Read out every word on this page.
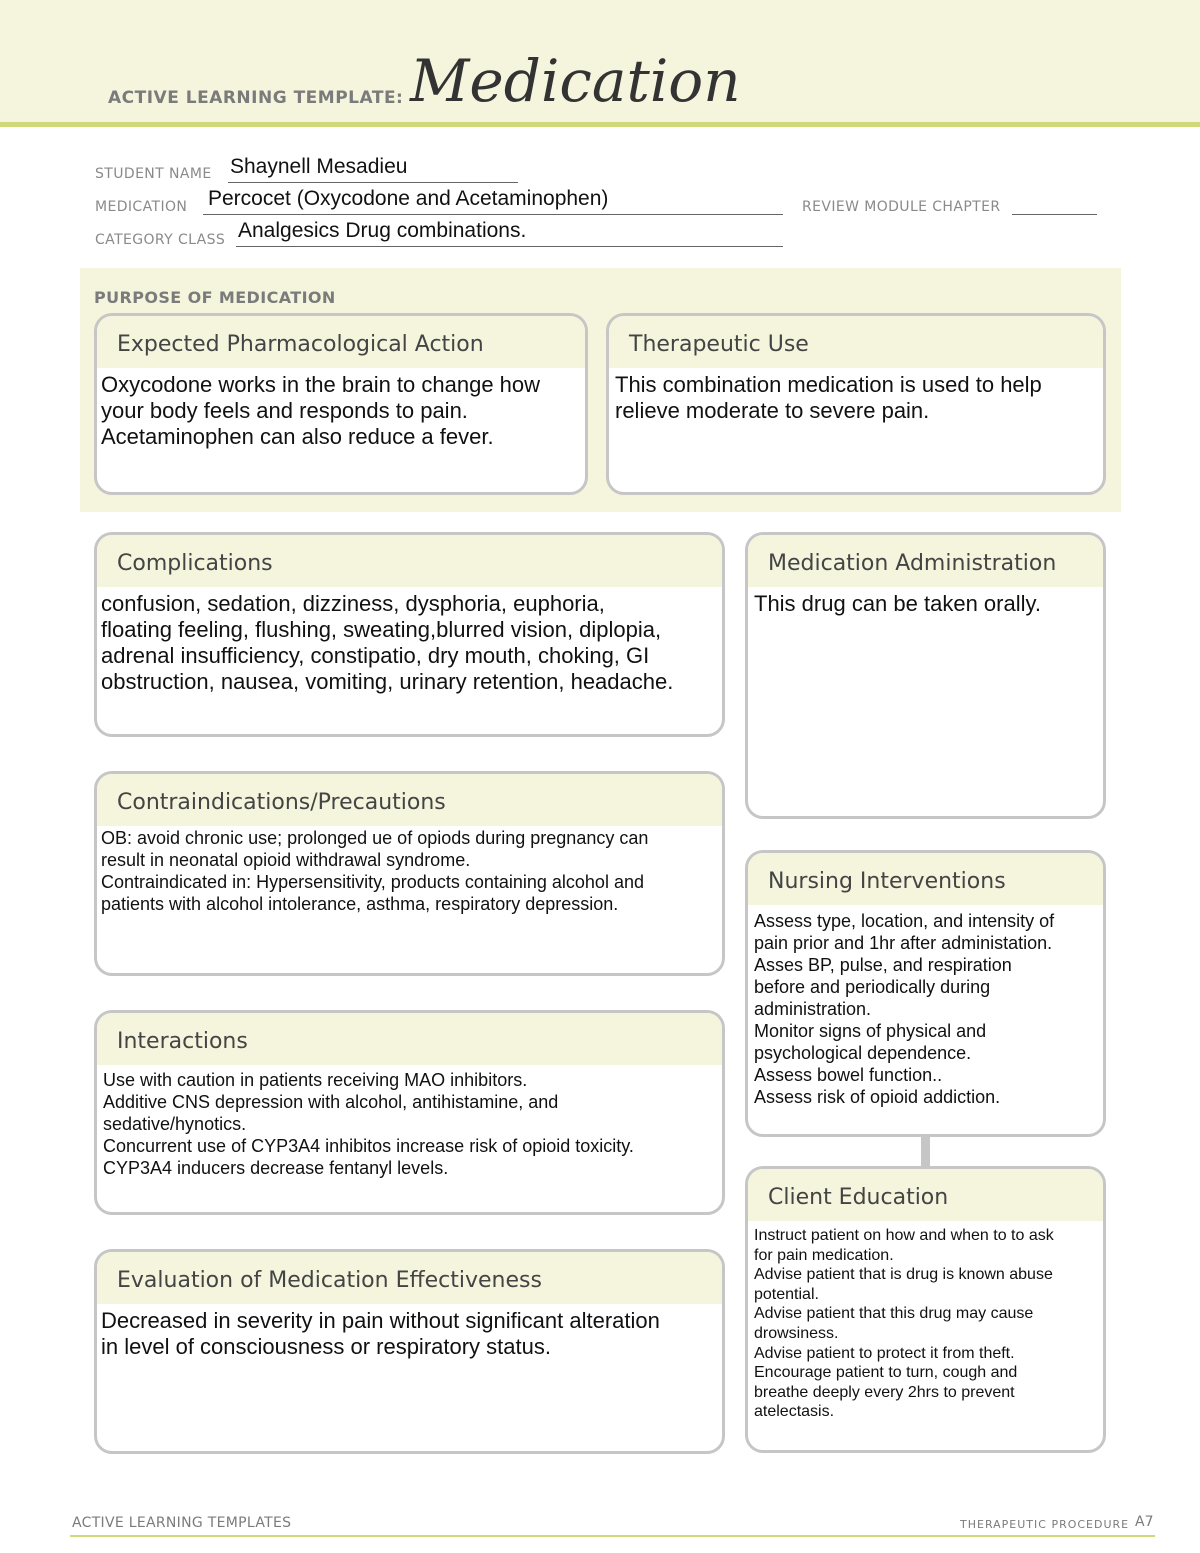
ACTIVE LEARNING TEMPLATE: Medication
STUDENT NAME Shaynell Mesadieu
MEDICATION Percocet (Oxycodone and Acetaminophen)	REVIEW MODULE CHAPTER
CATEGORY CLASS Analgesics Drug combinations.
PURPOSE OF MEDICATION
Expected Pharmacological Action
Oxycodone works in the brain to change how
your body feels and responds to pain.
Acetaminophen can also reduce a fever.
Therapeutic Use
This combination medication is used to help
relieve moderate to severe pain.
Complications
confusion, sedation, dizziness, dysphoria, euphoria,
floating feeling, flushing, sweating,blurred vision, diplopia,
adrenal insufficiency, constipatio, dry mouth, choking, GI
obstruction, nausea, vomiting, urinary retention, headache.
Medication Administration
This drug can be taken orally.
Contraindications/Precautions
OB: avoid chronic use; prolonged ue of opiods during pregnancy can
result in neonatal opioid withdrawal syndrome.
Contraindicated in: Hypersensitivity, products containing alcohol and
patients with alcohol intolerance, asthma, respiratory depression.
Nursing Interventions
Assess type, location, and intensity of
pain prior and 1hr after administation.
Asses BP, pulse, and respiration
before and periodically during
administration.
Monitor signs of physical and
psychological dependence.
Assess bowel function..
Assess risk of opioid addiction.
Interactions
Use with caution in patients receiving MAO inhibitors.
Additive CNS depression with alcohol, antihistamine, and
sedative/hynotics.
Concurrent use of CYP3A4 inhibitos increase risk of opioid toxicity.
CYP3A4 inducers decrease fentanyl levels.
Client Education
Instruct patient on how and when to to ask
for pain medication.
Advise patient that is drug is known abuse
potential.
Advise patient that this drug may cause
drowsiness.
Advise patient to protect it from theft.
Encourage patient to turn, cough and
breathe deeply every 2hrs to prevent
atelectasis.
Evaluation of Medication Effectiveness
Decreased in severity in pain without significant alteration
in level of consciousness or respiratory status.
ACTIVE LEARNING TEMPLATES	THERAPEUTIC PROCEDURE A7
